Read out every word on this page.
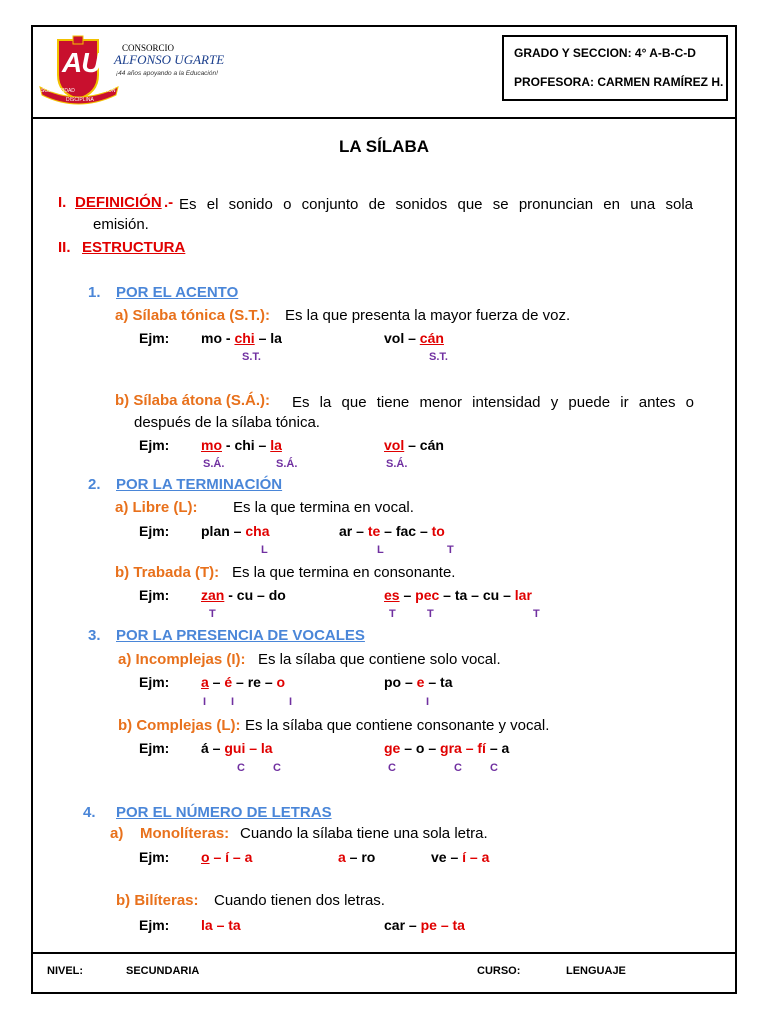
AU CONSORCIO
ALFONSO UGARTE
¡44 años apoyando a la Educación!
SOLIDARIDAD
DISCIPLINA
ACCION
GRADO Y SECCION: 4° A-B-C-D
PROFESORA: CARMEN RAMÍREZ H.
LA SÍLABA
I. DEFINICIÓN .- Es el sonido o conjunto de sonidos que se pronuncian en una sola
emisión.
II. ESTRUCTURA
1. POR EL ACENTO
a) Sílaba tónica (S.T.): Es la que presenta la mayor fuerza de voz.
Ejm: mo - chi – la
S.T.
vol – cán
S.T.
b) Sílaba átona (S.Á.): Es la que tiene menor intensidad y puede ir antes o
después de la sílaba tónica.
Ejm: mo - chi – la
S.Á.	S.Á.
vol – cán
S.Á.
2. POR LA TERMINACIÓN
a) Libre (L): Es la que termina en vocal.
Ejm: plan – cha
L
ar – te – fac – to
L	T
b) Trabada (T): Es la que termina en consonante.
Ejm: zan - cu – do
T
es – pec – ta – cu – lar
T	T	T
3. POR LA PRESENCIA DE VOCALES
a) Incomplejas (I): Es la sílaba que contiene solo vocal.
Ejm: a – é – re – o
I I	I
po – e – ta
I
b) Complejas (L): Es la sílaba que contiene consonante y vocal.
Ejm: á – gui – la
C	C
ge – o – gra – fí – a
C	C	C
4. POR EL NÚMERO DE LETRAS
a)    Monolíteras: Cuando la sílaba tiene una sola letra.
Ejm: o – í – a	a – ro	ve – í – a
b) Bilíteras: Cuando tienen dos letras.
Ejm: la – ta	car – pe – ta
NIVEL:	SECUNDARIA	CURSO:	LENGUAJE
